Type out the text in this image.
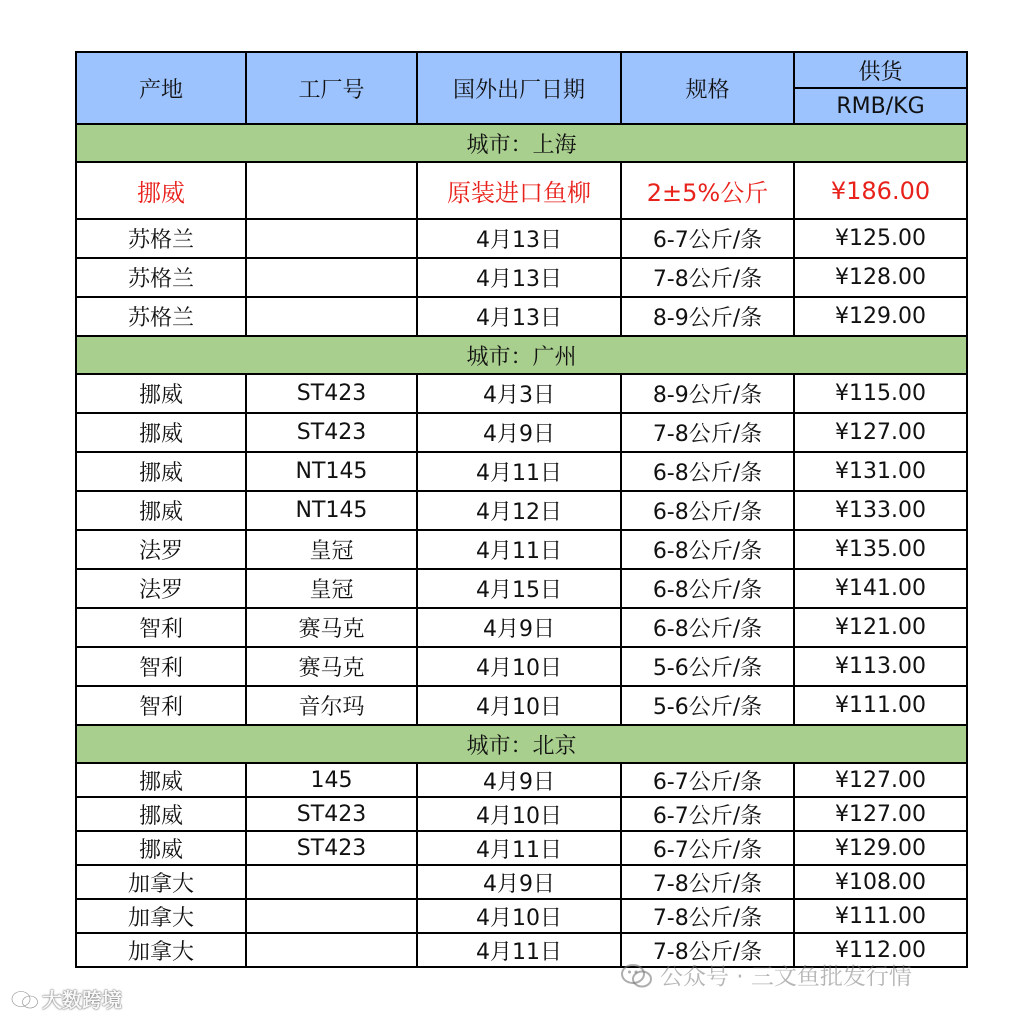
产地	工厂号	国外出厂日期	规格	供货
				RMB/KG
城市：上海				
挪威		原装进口鱼柳	2±5%公斤	¥186.00
苏格兰		4月13日	6-7公斤/条	¥125.00
苏格兰		4月13日	7-8公斤/条	¥128.00
苏格兰		4月13日	8-9公斤/条	¥129.00
城市：广州				
挪威	ST423	4月3日	8-9公斤/条	¥115.00
挪威	ST423	4月9日	7-8公斤/条	¥127.00
挪威	NT145	4月11日	6-8公斤/条	¥131.00
挪威	NT145	4月12日	6-8公斤/条	¥133.00
法罗	皇冠	4月11日	6-8公斤/条	¥135.00
法罗	皇冠	4月15日	6-8公斤/条	¥141.00
智利	赛马克	4月9日	6-8公斤/条	¥121.00
智利	赛马克	4月10日	5-6公斤/条	¥113.00
智利	音尔玛	4月10日	5-6公斤/条	¥111.00
城市：北京				
挪威	145	4月9日	6-7公斤/条	¥127.00
挪威	ST423	4月10日	6-7公斤/条	¥127.00
挪威	ST423	4月11日	6-7公斤/条	¥129.00
加拿大		4月9日	7-8公斤/条	¥108.00
加拿大		4月10日	7-8公斤/条	¥111.00
加拿大		4月11日	7-8公斤/条	¥112.00
公众号 · 三文鱼批发行情
大数跨境
